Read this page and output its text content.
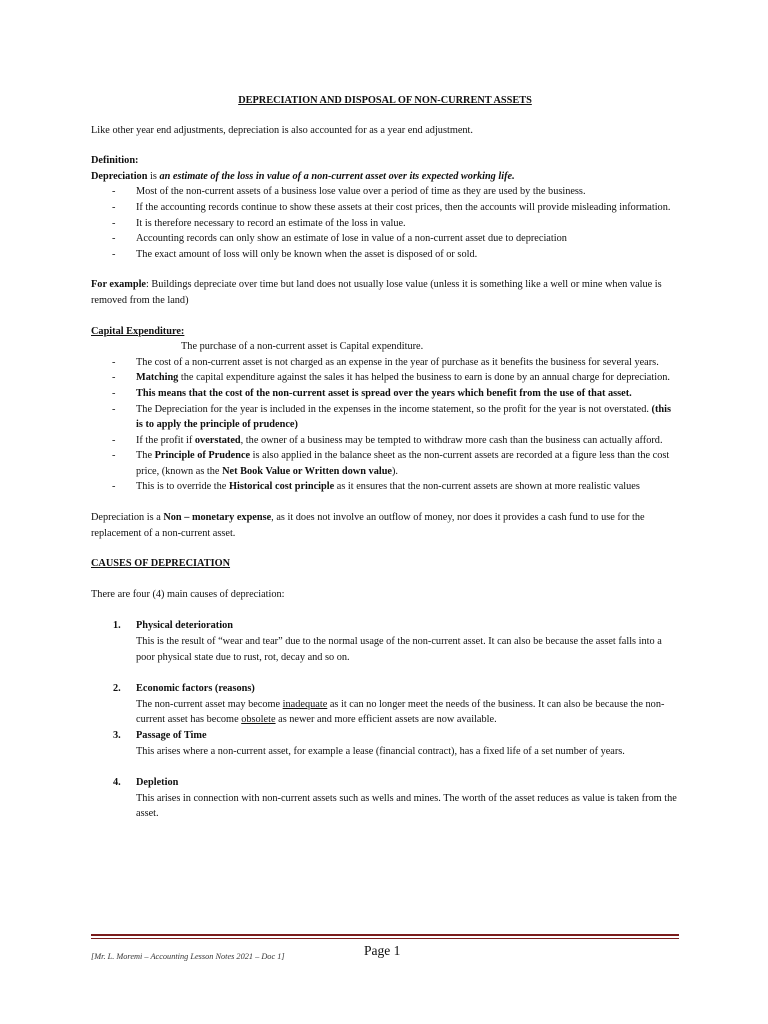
DEPRECIATION AND DISPOSAL OF NON-CURRENT ASSETS

Like other year end adjustments, depreciation is also accounted for as a year end adjustment.

Definition:

Depreciation is an estimate of the loss in value of a non-current asset over its expected working life.

- Most of the non-current assets of a business lose value over a period of time as they are used by the business.
- If the accounting records continue to show these assets at their cost prices, then the accounts will provide misleading information.
- It is therefore necessary to record an estimate of the loss in value.
- Accounting records can only show an estimate of lose in value of a non-current asset due to depreciation
- The exact amount of loss will only be known when the asset is disposed of or sold.

For example: Buildings depreciate over time but land does not usually lose value (unless it is something like a well or mine when value is removed from the land)

Capital Expenditure:

The purchase of a non-current asset is Capital expenditure.

- The cost of a non-current asset is not charged as an expense in the year of purchase as it benefits the business for several years.
- Matching the capital expenditure against the sales it has helped the business to earn is done by an annual charge for depreciation.
- This means that the cost of the non-current asset is spread over the years which benefit from the use of that asset.
- The Depreciation for the year is included in the expenses in the income statement, so the profit for the year is not overstated. (this is to apply the principle of prudence)
- If the profit if overstated, the owner of a business may be tempted to withdraw more cash than the business can actually afford.
- The Principle of Prudence is also applied in the balance sheet as the non-current assets are recorded at a figure less than the cost price, (known as the Net Book Value or Written down value).
- This is to override the Historical cost principle as it ensures that the non-current assets are shown at more realistic values

Depreciation is a Non – monetary expense, as it does not involve an outflow of money, nor does it provides a cash fund to use for the replacement of a non-current asset.

CAUSES OF DEPRECIATION

There are four (4) main causes of depreciation:

1. Physical deterioration
This is the result of “wear and tear” due to the normal usage of the non-current asset. It can also be because the asset falls into a poor physical state due to rust, rot, decay and so on.
2. Economic factors (reasons)
The non-current asset may become inadequate as it can no longer meet the needs of the business. It can also be because the non-current asset has become obsolete as newer and more efficient assets are now available.
3. Passage of Time
This arises where a non-current asset, for example a lease (financial contract), has a fixed life of a set number of years.
4. Depletion
This arises in connection with non-current assets such as wells and mines. The worth of the asset reduces as value is taken from the asset.
[Mr. L. Moremi – Accounting Lesson Notes 2021 – Doc 1]	Page 1
